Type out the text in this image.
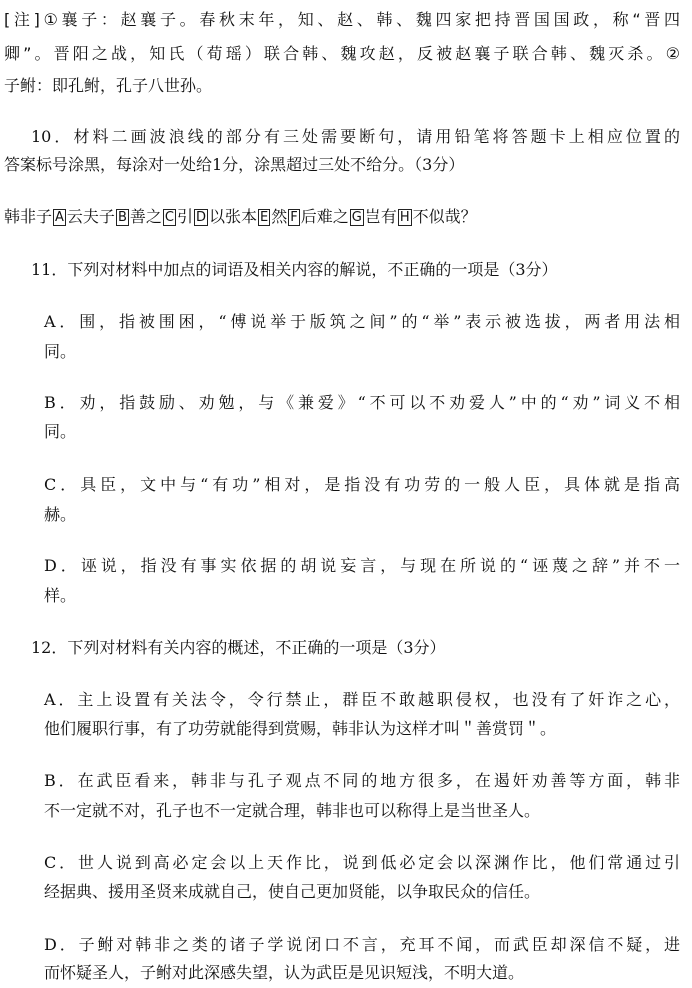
[注]①襄子：赵襄子。春秋末年，知、赵、韩、魏四家把持晋国国政，称“晋四
卿”。晋阳之战，知氏（荀瑶）联合韩、魏攻赵，反被赵襄子联合韩、魏灭杀。②
子鲋：即孔鲋，孔子八世孙。
10．材料二画波浪线的部分有三处需要断句，请用铅笔将答题卡上相应位置的
答案标号涂黑，每涂对一处给1分，涂黑超过三处不给分。（3分）
韩非子 A 云夫子 B 善之 C 引 D 以张本 E 然 F 后难之 G 岂有 H 不似哉？
11．下列对材料中加点的词语及相关内容的解说，不正确的一项是（3分）
A．围，指被围困，“傅说举于版筑之间”的“举”表示被选拔，两者用法相
同。
B．劝，指鼓励、劝勉，与《兼爱》“不可以不劝爱人”中的“劝”词义不相
同。
C．具臣，文中与“有功”相对，是指没有功劳的一般人臣，具体就是指高
赫。
D．诬说，指没有事实依据的胡说妄言，与现在所说的“诬蔑之辞”并不一
样。
12．下列对材料有关内容的概述，不正确的一项是（3分）
A．主上设置有关法令，令行禁止，群臣不敢越职侵权，也没有了奸诈之心，
他们履职行事，有了功劳就能得到赏赐，韩非认为这样才叫＂善赏罚＂。
B．在武臣看来，韩非与孔子观点不同的地方很多，在遏奸劝善等方面，韩非
不一定就不对，孔子也不一定就合理，韩非也可以称得上是当世圣人。
C．世人说到高必定会以上天作比，说到低必定会以深渊作比，他们常通过引
经据典、援用圣贤来成就自己，使自己更加贤能，以争取民众的信任。
D．子鲋对韩非之类的诸子学说闭口不言，充耳不闻，而武臣却深信不疑，进
而怀疑圣人，子鲋对此深感失望，认为武臣是见识短浅，不明大道。
